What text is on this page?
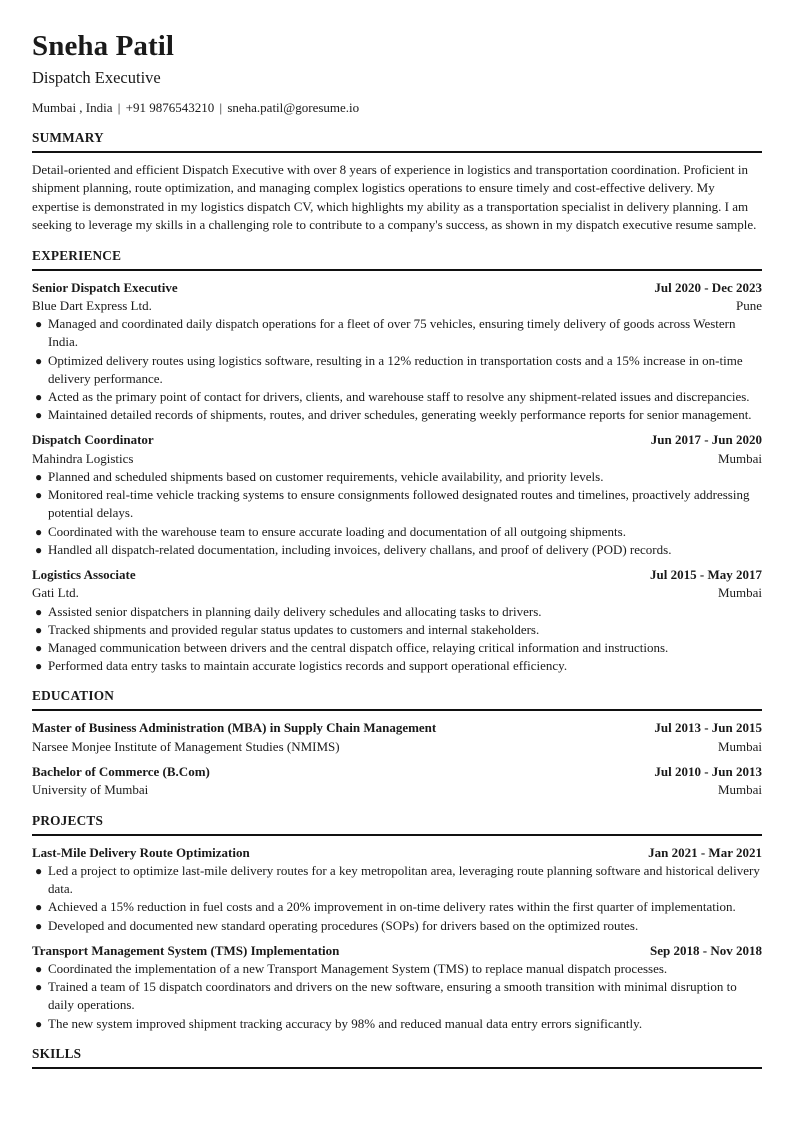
Sneha Patil
Dispatch Executive
Mumbai , India | +91 9876543210 | sneha.patil@goresume.io
SUMMARY

Detail-oriented and efficient Dispatch Executive with over 8 years of experience in logistics and transportation coordination. Proficient in shipment planning, route optimization, and managing complex logistics operations to ensure timely and cost-effective delivery. My expertise is demonstrated in my logistics dispatch CV, which highlights my ability as a transportation specialist in delivery planning. I am seeking to leverage my skills in a challenging role to contribute to a company's success, as shown in my dispatch executive resume sample.

EXPERIENCE
Senior Dispatch Executive	Jul 2020 - Dec 2023
Blue Dart Express Ltd.	Pune
● Managed and coordinated daily dispatch operations for a fleet of over 75 vehicles, ensuring timely delivery of goods across Western India.
● Optimized delivery routes using logistics software, resulting in a 12% reduction in transportation costs and a 15% increase in on-time delivery performance.
● Acted as the primary point of contact for drivers, clients, and warehouse staff to resolve any shipment-related issues and discrepancies.
● Maintained detailed records of shipments, routes, and driver schedules, generating weekly performance reports for senior management.
Dispatch Coordinator	Jun 2017 - Jun 2020
Mahindra Logistics	Mumbai
● Planned and scheduled shipments based on customer requirements, vehicle availability, and priority levels.
● Monitored real-time vehicle tracking systems to ensure consignments followed designated routes and timelines, proactively addressing potential delays.
● Coordinated with the warehouse team to ensure accurate loading and documentation of all outgoing shipments.
● Handled all dispatch-related documentation, including invoices, delivery challans, and proof of delivery (POD) records.
Logistics Associate	Jul 2015 - May 2017
Gati Ltd.	Mumbai
● Assisted senior dispatchers in planning daily delivery schedules and allocating tasks to drivers.
● Tracked shipments and provided regular status updates to customers and internal stakeholders.
● Managed communication between drivers and the central dispatch office, relaying critical information and instructions.
● Performed data entry tasks to maintain accurate logistics records and support operational efficiency.
EDUCATION
Master of Business Administration (MBA) in Supply Chain Management	Jul 2013 - Jun 2015
Narsee Monjee Institute of Management Studies (NMIMS)	Mumbai
Bachelor of Commerce (B.Com)	Jul 2010 - Jun 2013
University of Mumbai	Mumbai
PROJECTS
Last-Mile Delivery Route Optimization	Jan 2021 - Mar 2021
● Led a project to optimize last-mile delivery routes for a key metropolitan area, leveraging route planning software and historical delivery data.
● Achieved a 15% reduction in fuel costs and a 20% improvement in on-time delivery rates within the first quarter of implementation.
● Developed and documented new standard operating procedures (SOPs) for drivers based on the optimized routes.
Transport Management System (TMS) Implementation	Sep 2018 - Nov 2018
● Coordinated the implementation of a new Transport Management System (TMS) to replace manual dispatch processes.
● Trained a team of 15 dispatch coordinators and drivers on the new software, ensuring a smooth transition with minimal disruption to daily operations.
● The new system improved shipment tracking accuracy by 98% and reduced manual data entry errors significantly.
SKILLS
